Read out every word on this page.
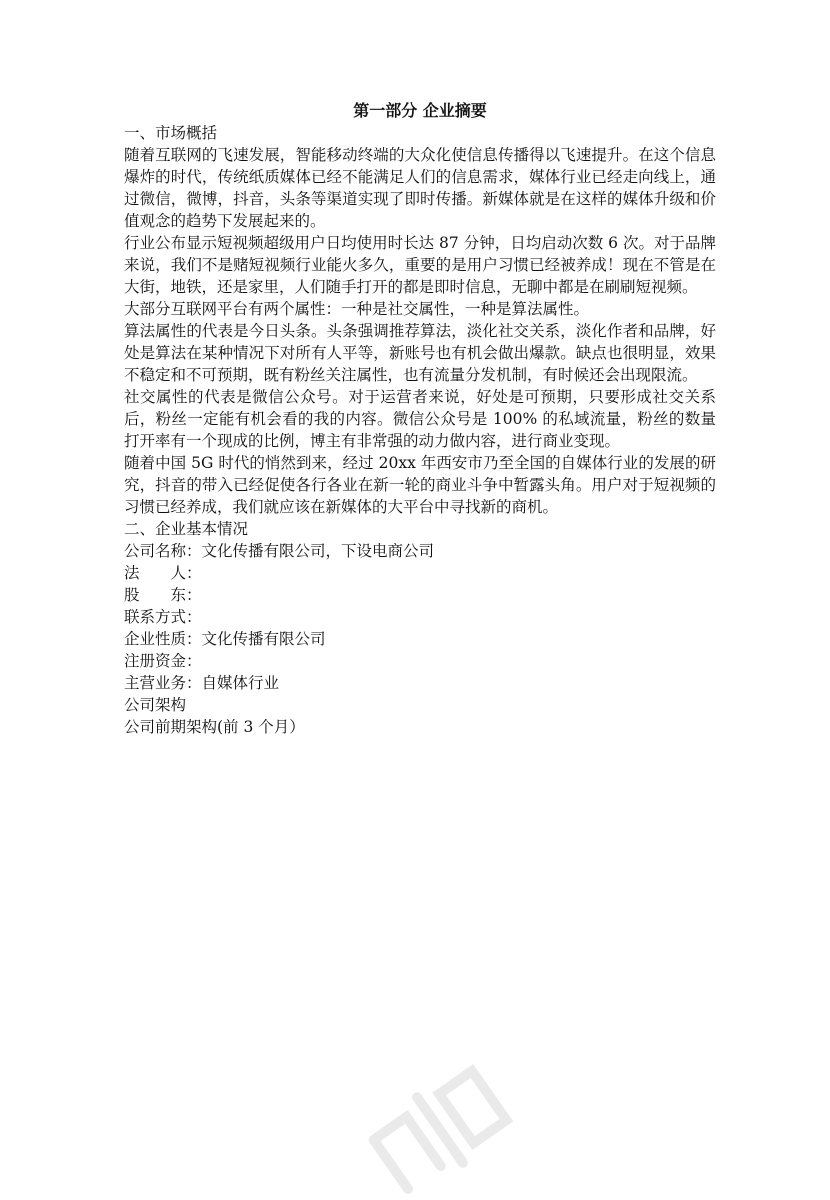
第一部分 企业摘要
一、市场概括

随着互联网的飞速发展，智能移动终端的大众化使信息传播得以飞速提升。在这个信息爆炸的时代，传统纸质媒体已经不能满足人们的信息需求，媒体行业已经走向线上，通过微信，微博，抖音，头条等渠道实现了即时传播。新媒体就是在这样的媒体升级和价值观念的趋势下发展起来的。

行业公布显示短视频超级用户日均使用时长达 87 分钟，日均启动次数 6 次。对于品牌来说，我们不是赌短视频行业能火多久，重要的是用户习惯已经被养成！现在不管是在大街，地铁，还是家里，人们随手打开的都是即时信息，无聊中都是在刷刷短视频。

大部分互联网平台有两个属性：一种是社交属性，一种是算法属性。

算法属性的代表是今日头条。头条强调推荐算法，淡化社交关系，淡化作者和品牌，好处是算法在某种情况下对所有人平等，新账号也有机会做出爆款。缺点也很明显，效果不稳定和不可预期，既有粉丝关注属性，也有流量分发机制，有时候还会出现限流。

社交属性的代表是微信公众号。对于运营者来说，好处是可预期，只要形成社交关系后，粉丝一定能有机会看的我的内容。微信公众号是 100% 的私域流量，粉丝的数量打开率有一个现成的比例，博主有非常强的动力做内容，进行商业变现。

随着中国 5G 时代的悄然到来，经过 20xx 年西安市乃至全国的自媒体行业的发展的研究，抖音的带入已经促使各行各业在新一轮的商业斗争中暂露头角。用户对于短视频的习惯已经养成，我们就应该在新媒体的大平台中寻找新的商机。

二、企业基本情况
公司名称：文化传播有限公司，下设电商公司
法　　人：
股　　东：
联系方式：
企业性质：文化传播有限公司
注册资金：
主营业务：自媒体行业
公司架构
公司前期架构(前 3 个月）
